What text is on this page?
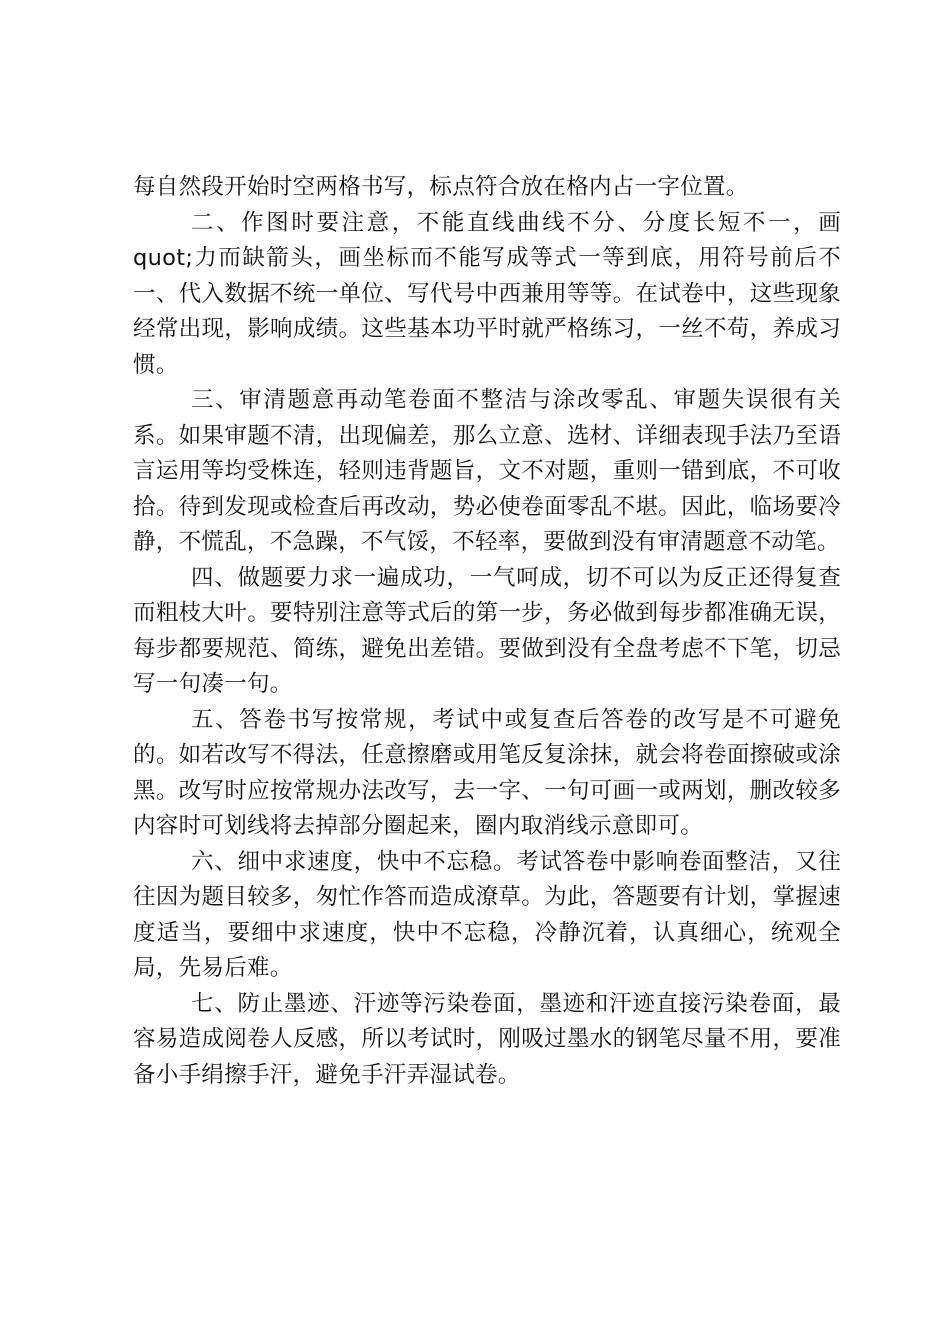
每自然段开始时空两格书写，标点符合放在格内占一字位置。

二、作图时要注意，不能直线曲线不分、分度长短不一，画 quot;力而缺箭头，画坐标而不能写成等式一等到底，用符号前后不一、代入数据不统一单位、写代号中西兼用等等。在试卷中，这些现象经常出现，影响成绩。这些基本功平时就严格练习，一丝不苟，养成习惯。

三、审清题意再动笔卷面不整洁与涂改零乱、审题失误很有关系。如果审题不清，出现偏差，那么立意、选材、详细表现手法乃至语言运用等均受株连，轻则违背题旨，文不对题，重则一错到底，不可收拾。待到发现或检查后再改动，势必使卷面零乱不堪。因此，临场要冷静，不慌乱，不急躁，不气馁，不轻率，要做到没有审清题意不动笔。

四、做题要力求一遍成功，一气呵成，切不可以为反正还得复查而粗枝大叶。要特别注意等式后的第一步，务必做到每步都准确无误，每步都要规范、简练，避免出差错。要做到没有全盘考虑不下笔，切忌写一句凑一句。

五、答卷书写按常规，考试中或复查后答卷的改写是不可避免的。如若改写不得法，任意擦磨或用笔反复涂抹，就会将卷面擦破或涂黑。改写时应按常规办法改写，去一字、一句可画一或两划，删改较多内容时可划线将去掉部分圈起来，圈内取消线示意即可。

六、细中求速度，快中不忘稳。考试答卷中影响卷面整洁，又往往因为题目较多，匆忙作答而造成潦草。为此，答题要有计划，掌握速度适当，要细中求速度，快中不忘稳，冷静沉着，认真细心，统观全局，先易后难。

七、防止墨迹、汗迹等污染卷面，墨迹和汗迹直接污染卷面，最容易造成阅卷人反感，所以考试时，刚吸过墨水的钢笔尽量不用，要准备小手绢擦手汗，避免手汗弄湿试卷。
